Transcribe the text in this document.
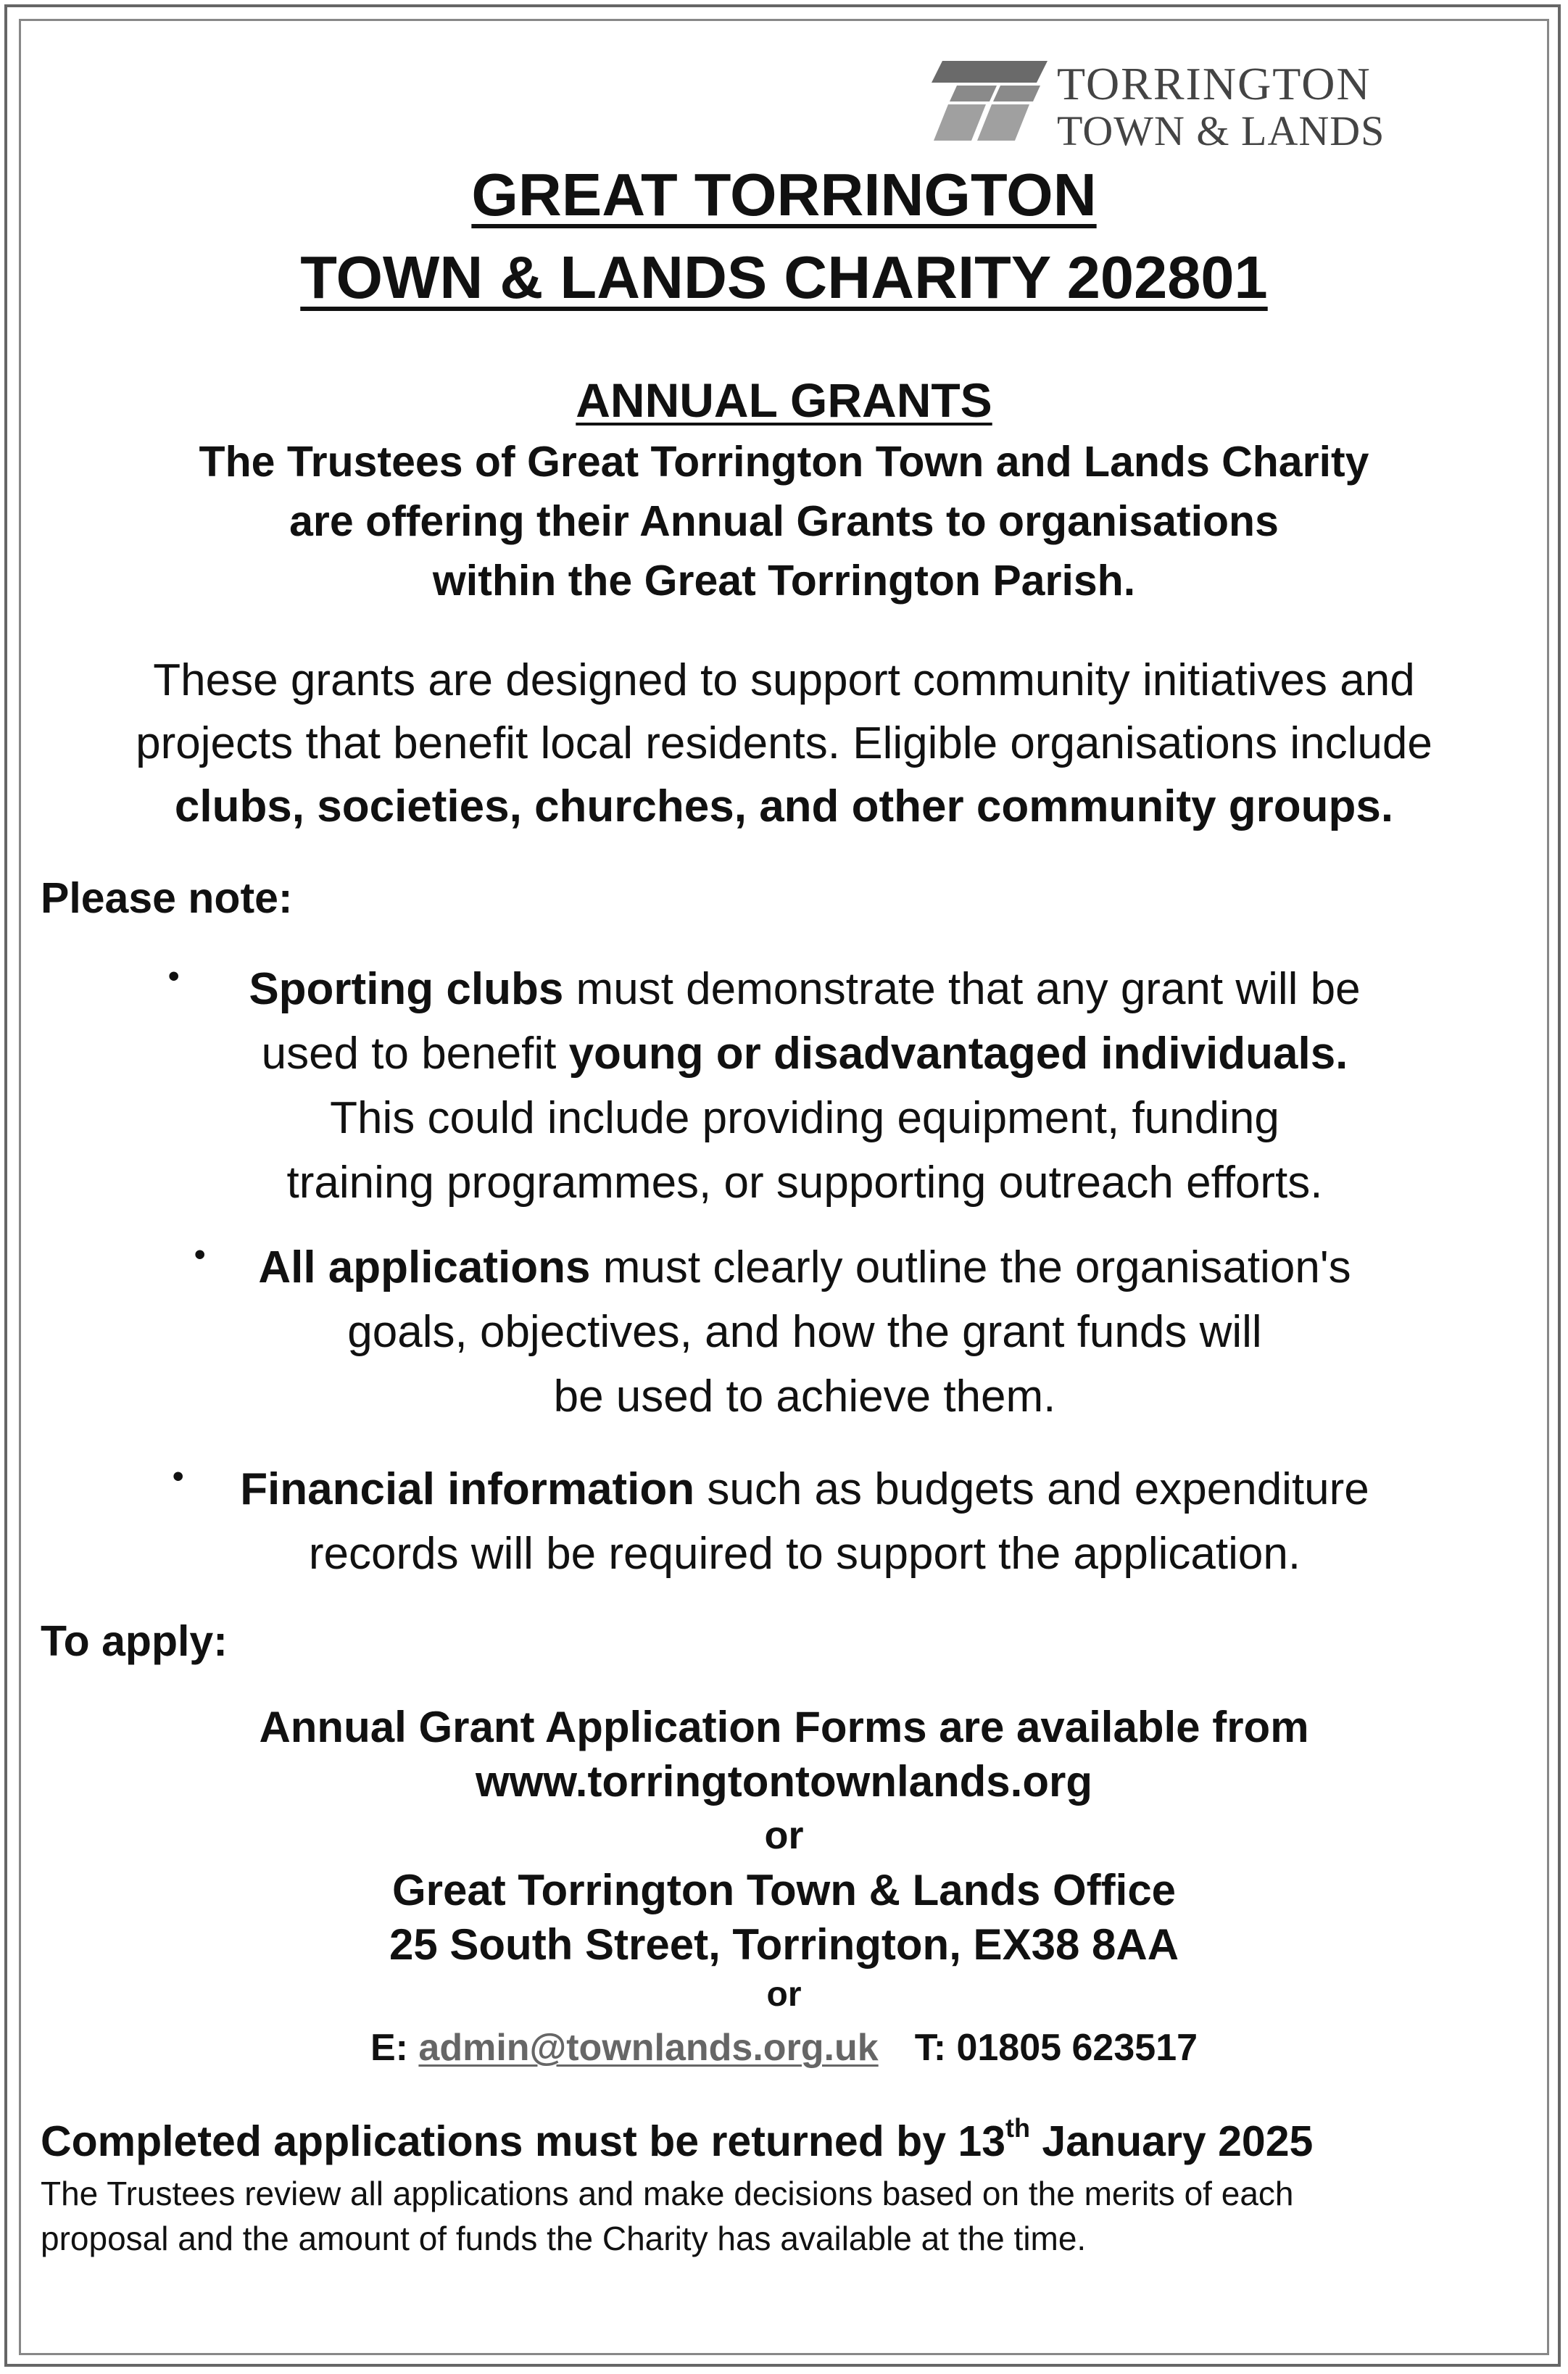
TORRINGTON
TOWN & LANDS
GREAT TORRINGTON
TOWN & LANDS CHARITY 202801
ANNUAL GRANTS
The Trustees of Great Torrington Town and Lands Charity
are offering their Annual Grants to organisations
within the Great Torrington Parish.
These grants are designed to support community initiatives and
projects that benefit local residents. Eligible organisations include
clubs, societies, churches, and other community groups.
Please note:
•	Sporting clubs must demonstrate that any grant will be
used to benefit young or disadvantaged individuals.
This could include providing equipment, funding
training programmes, or supporting outreach efforts.
•	All applications must clearly outline the organisation's
goals, objectives, and how the grant funds will
be used to achieve them.
•	Financial information such as budgets and expenditure
records will be required to support the application.
To apply:
Annual Grant Application Forms are available from
www.torringtontownlands.org
or
Great Torrington Town & Lands Office
25 South Street, Torrington, EX38 8AA
or
E: admin@townlands.org.uk T: 01805 623517
Completed applications must be returned by 13th January 2025
The Trustees review all applications and make decisions based on the merits of each
proposal and the amount of funds the Charity has available at the time.
